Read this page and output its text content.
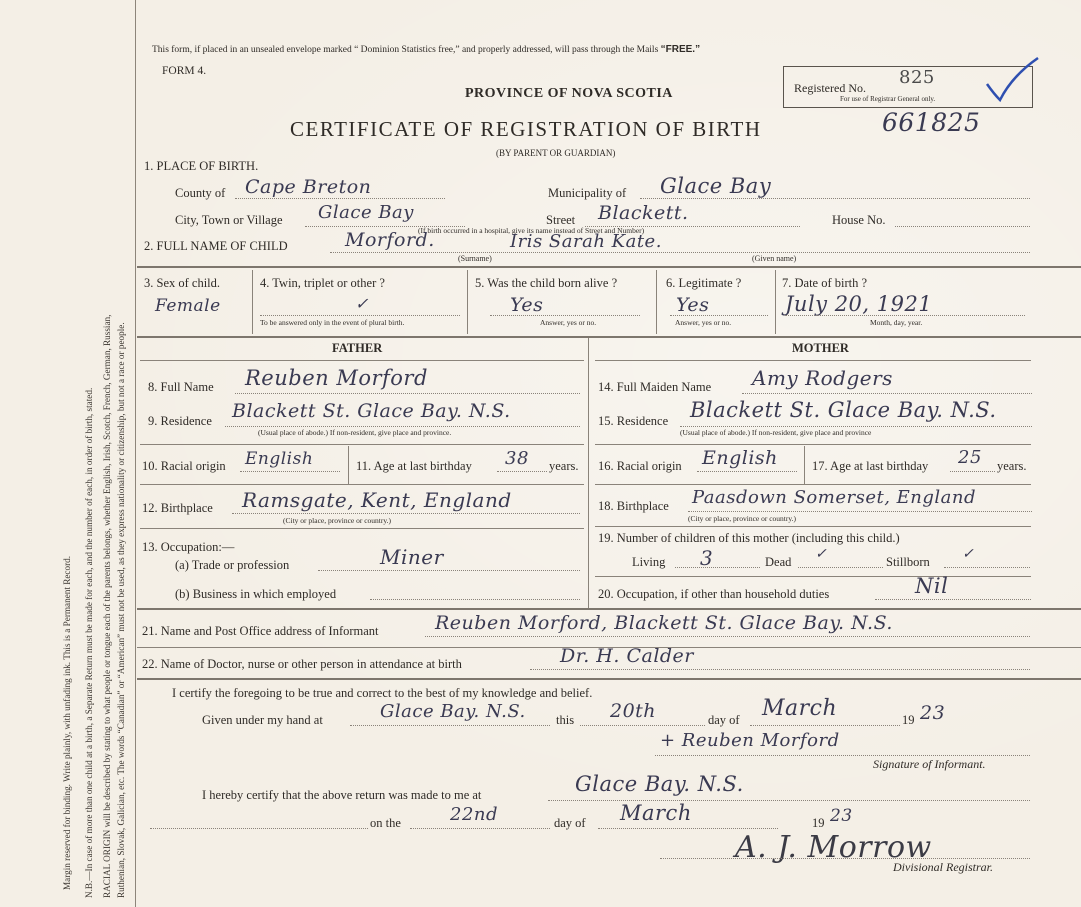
Margin reserved for binding. Write plainly, with unfading ink. This is a Permanent Record. N.B.—In case of more than one child at a birth, a Separate Return must be made for each, and the number of each, in order of birth, stated. RACIAL ORIGIN will be described by stating to what people or tongue each of the parents belongs, whether English, Irish, Scotch, French, German, Russian, Ruthenian, Slovak, Galician, etc. The words “Canadian” or “American” must not be used, as they express nationality or citizenship, but not a race or people.
This form, if placed in an unsealed envelope marked “ Dominion Statistics free,” and properly addressed, will pass through the Mails “FREE.”
FORM 4.
PROVINCE OF NOVA SCOTIA
CERTIFICATE OF REGISTRATION OF BIRTH	661825
(BY PARENT OR GUARDIAN)
Registered No. 825
For use of Registrar General only.
1. PLACE OF BIRTH.
County of Cape Breton	Municipality of Glace Bay
City, Town or Village Glace Bay	Street Blackett.	House No.
(If birth occurred in a hospital, give its name instead of Street and Number)
2. FULL NAME OF CHILD	Morford.	Iris Sarah Kate.
(Surname)	(Given name)
3. Sex of child.
Female
4. Twin, triplet or other ?
✓
To be answered only in the event of plural birth.
5. Was the child born alive ?
Yes
Answer, yes or no.
6. Legitimate ?
Yes
Answer, yes or no.
7. Date of birth ?
July 20, 1921
Month, day, year.
FATHER	MOTHER
8. Full Name Reuben Morford
9. Residence Blackett St. Glace Bay. N.S.
(Usual place of abode.) If non-resident, give place and province.
10. Racial origin English	11. Age at last birthday 38 years.
12. Birthplace Ramsgate, Kent, England
(City or place, province or country.)
13. Occupation:—
(a) Trade or profession	Miner
(b) Business in which employed
14. Full Maiden Name Amy Rodgers
15. Residence Blackett St. Glace Bay. N.S.
(Usual place of abode.) If non-resident, give place and province
16. Racial origin English	17. Age at last birthday 25 years.
18. Birthplace Paasdown Somerset, England
(City or place, province or country.)
19. Number of children of this mother (including this child.)
Living 3	Dead ✓	Stillborn ✓
20. Occupation, if other than household duties	Nil
21. Name and Post Office address of Informant	Reuben Morford, Blackett St. Glace Bay. N.S.
22. Name of Doctor, nurse or other person in attendance at birth	Dr. H. Calder
I certify the foregoing to be true and correct to the best of my knowledge and belief.
Given under my hand at	Glace Bay. N.S. this 20th	day of March	19 23
+ Reuben Morford
Signature of Informant.
I hereby certify that the above return was made to me at	Glace Bay. N.S.
on the	22nd	day of March	19 23
A. J. Morrow
Divisional Registrar.
